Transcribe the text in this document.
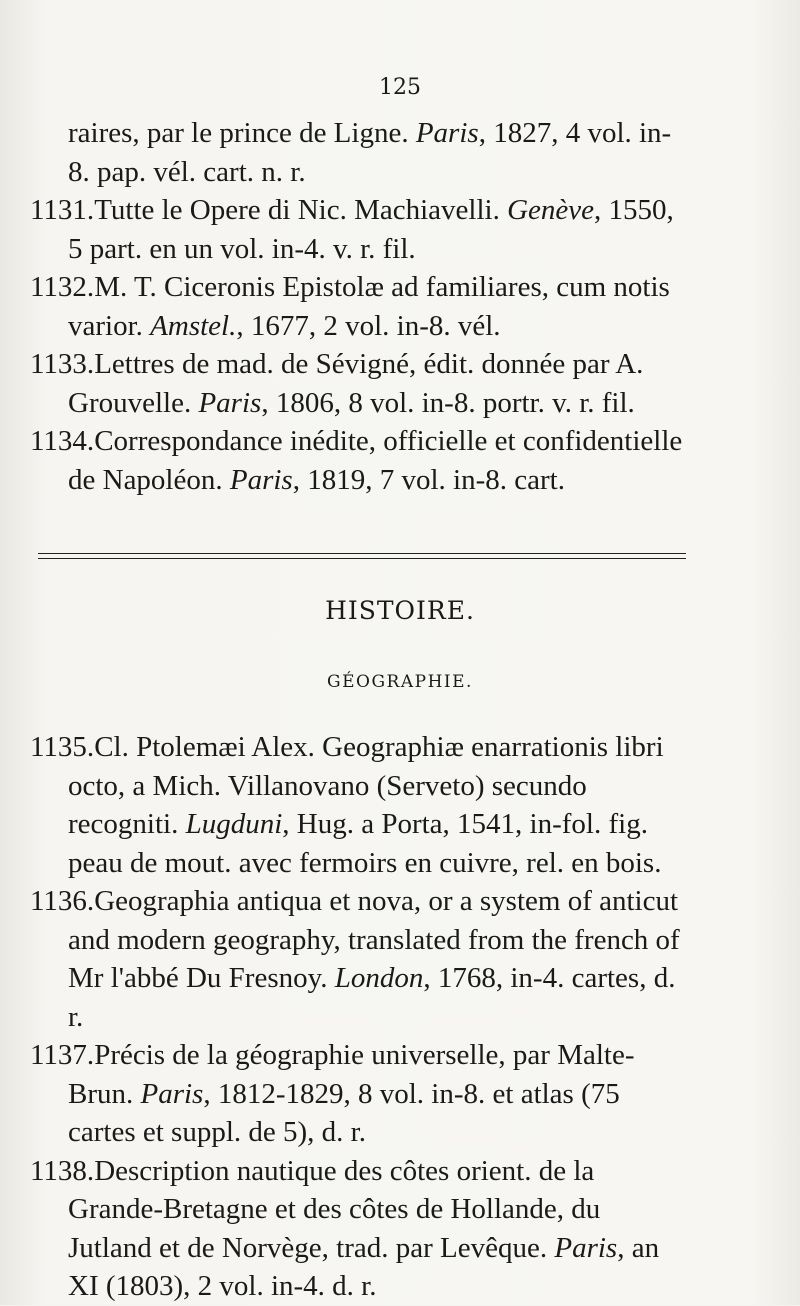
125

raires, par le prince de Ligne. Paris, 1827, 4 vol. in-8. pap. vél. cart. n. r.

1131.Tutte le Opere di Nic. Machiavelli. Genève, 1550, 5 part. en un vol. in-4. v. r. fil.

1132.M. T. Ciceronis Epistolæ ad familiares, cum notis varior. Amstel., 1677, 2 vol. in-8. vél.

1133.Lettres de mad. de Sévigné, édit. donnée par A. Grouvelle. Paris, 1806, 8 vol. in-8. portr. v. r. fil.

1134.Correspondance inédite, officielle et confidentielle de Napoléon. Paris, 1819, 7 vol. in-8. cart.

HISTOIRE.
GÉOGRAPHIE.

1135.Cl. Ptolemæi Alex. Geographiæ enarrationis libri octo, a Mich. Villanovano (Serveto) secundo recogniti. Lugduni, Hug. a Porta, 1541, in-fol. fig. peau de mout. avec fermoirs en cuivre, rel. en bois.

1136.Geographia antiqua et nova, or a system of anticut and modern geography, translated from the french of Mr l'abbé Du Fresnoy. London, 1768, in-4. cartes, d. r.

1137.Précis de la géographie universelle, par Malte-Brun. Paris, 1812-1829, 8 vol. in-8. et atlas (75 cartes et suppl. de 5), d. r.

1138.Description nautique des côtes orient. de la Grande-Bretagne et des côtes de Hollande, du Jutland et de Norvège, trad. par Levêque. Paris, an XI (1803), 2 vol. in-4. d. r.
